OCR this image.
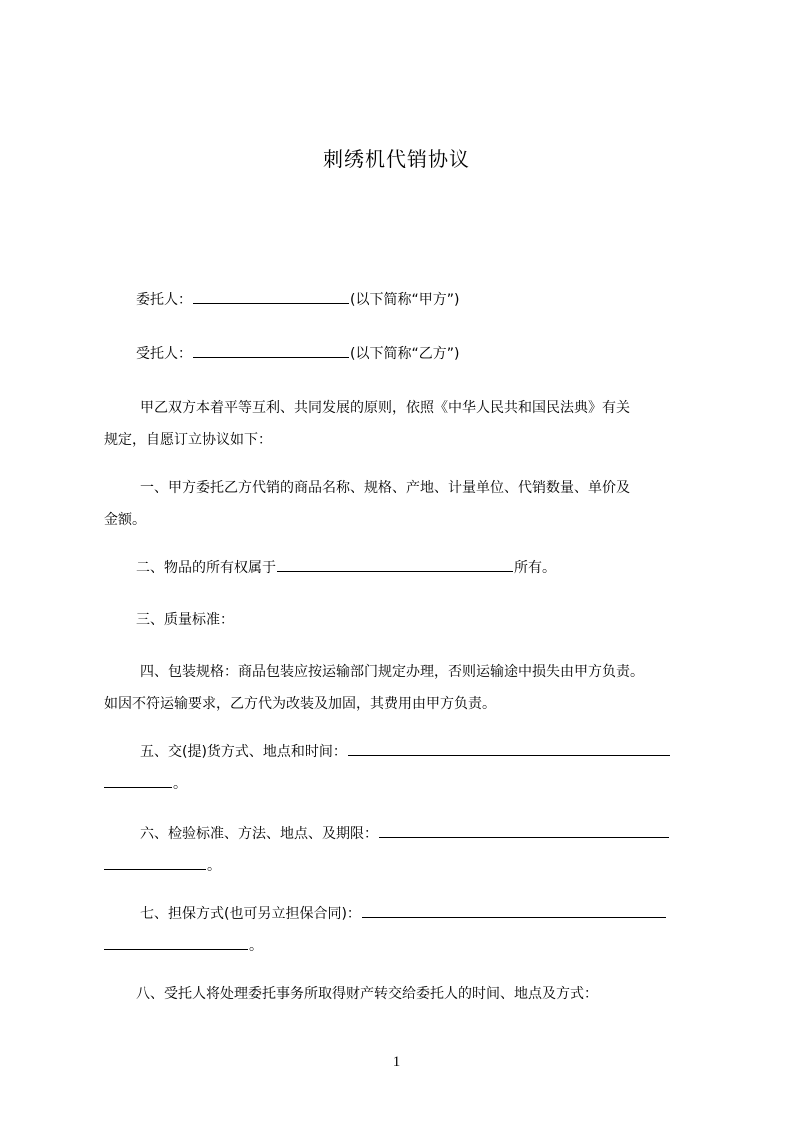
刺绣机代销协议
委托人：	(以下简称“甲方”)
受托人：	(以下简称“乙方”)
甲乙双方本着平等互利、共同发展的原则，依照《中华人民共和国民法典》有关
规定，自愿订立协议如下：
一、甲方委托乙方代销的商品名称、规格、产地、计量单位、代销数量、单价及
金额。
二、物品的所有权属于	所有。
三、质量标准：
四、包装规格：商品包装应按运输部门规定办理，否则运输途中损失由甲方负责。
如因不符运输要求，乙方代为改装及加固，其费用由甲方负责。
五、交(提)货方式、地点和时间：
。
六、检验标准、方法、地点、及期限：
。
七、担保方式(也可另立担保合同)：
。
八、受托人将处理委托事务所取得财产转交给委托人的时间、地点及方式：
1
